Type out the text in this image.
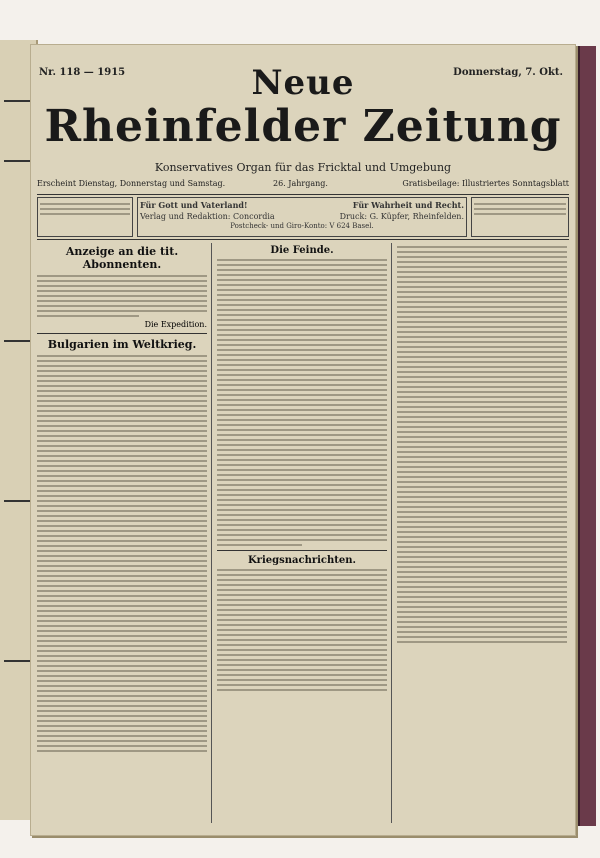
Nr. 118 — 1915	Donnerstag, 7. Okt.
Neue
Rheinfelder Zeitung
Konservatives Organ für das Fricktal und Umgebung
Erscheint Dienstag, Donnerstag und Samstag.	26. Jahrgang.	Gratisbeilage: Illustriertes Sonntagsblatt
Für Gott und Vaterland!	Für Wahrheit und Recht.
Verlag und Redaktion: Concordia	Druck: G. Küpfer, Rheinfelden.
Postcheck- und Giro-Konto: V 624 Basel.
Anzeige an die tit. Abonnenten.
Die Expedition.
Bulgarien im Weltkrieg.
Die Feinde.
Kriegsnachrichten.
